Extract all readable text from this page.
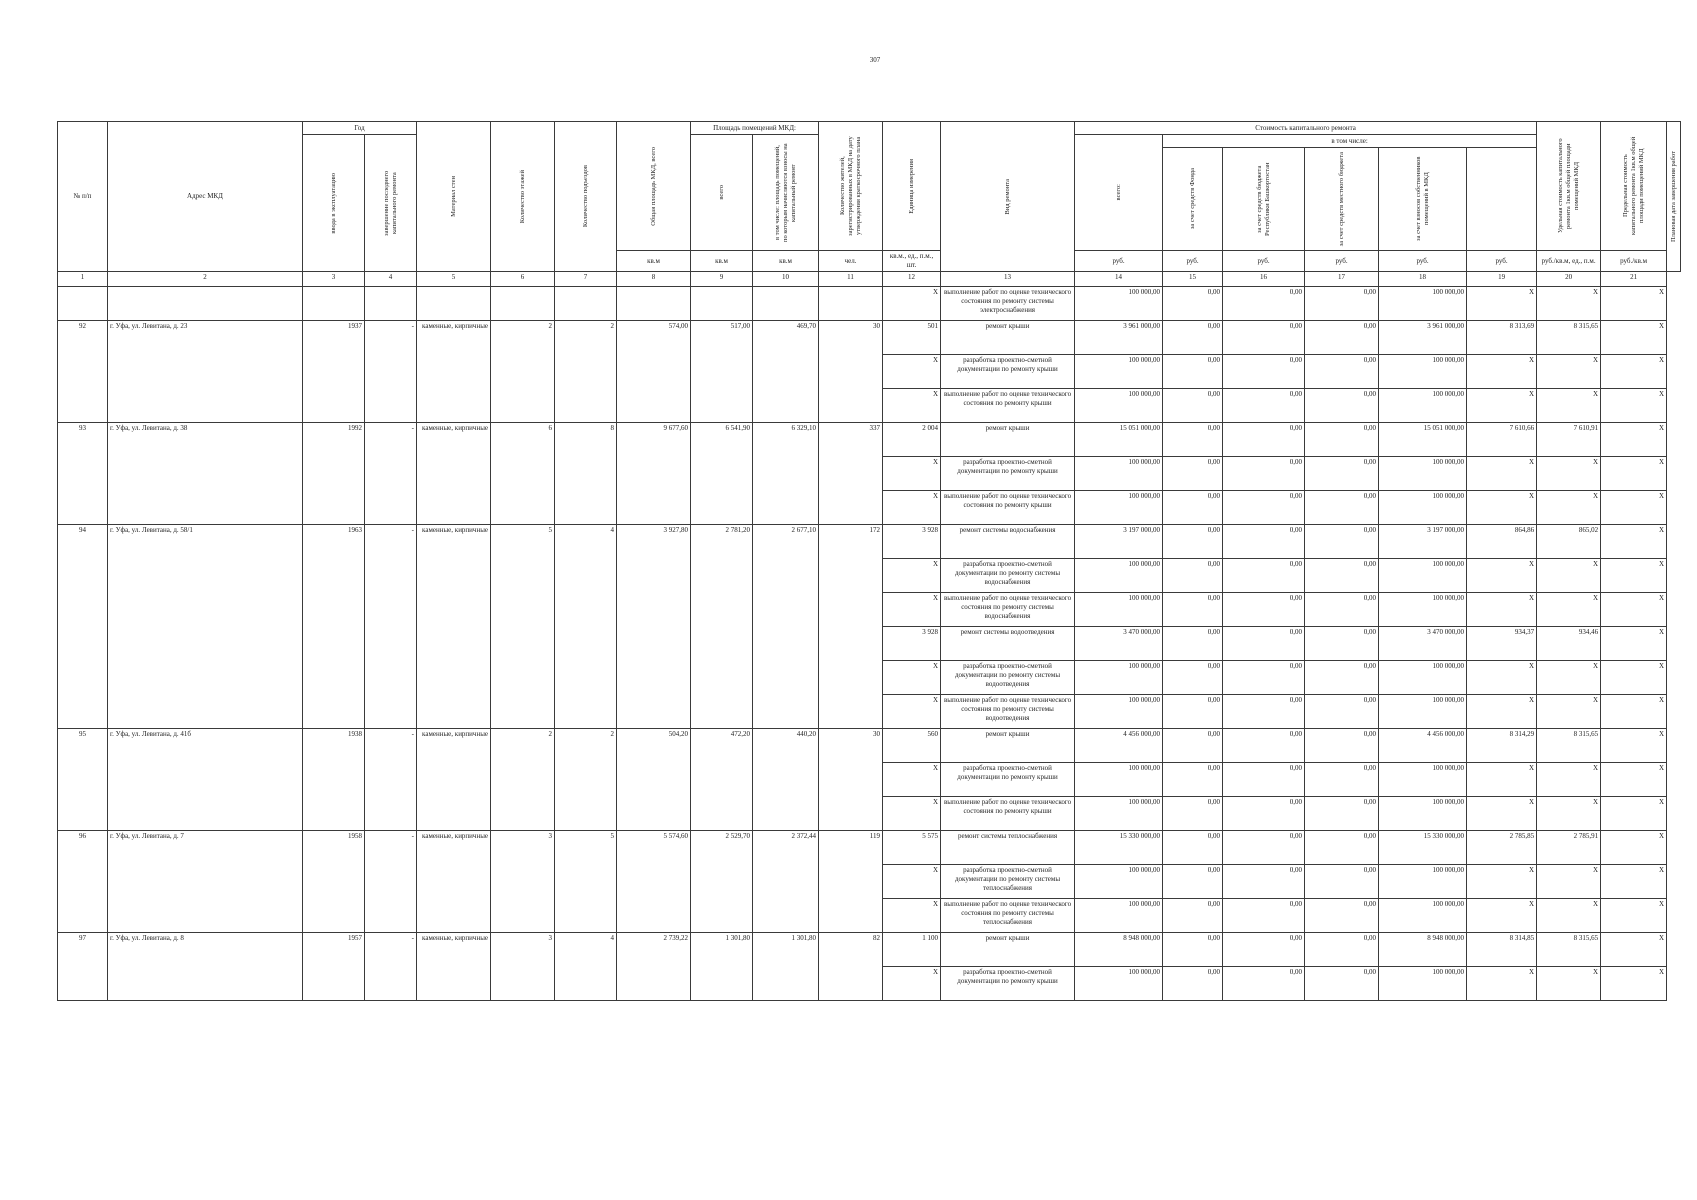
307
№ п/п	Адрес МКД	Год		Материал стен	Количество этажей	Количество подъездов	Общая площадь МКД, всего	Площадь помещений МКД:		Количество жителей, зарегистрированных в МКД на дату утверждения краткосрочного плана	Единица измерения	Вид ремонта	Стоимость капитального ремонта						Удельная стоимость капитального ремонта 1кв.м общей площади помещений МКД	Предельная стоимость капитального ремонта 1кв.м общей площади помещений МКД	Плановая дата завершения работ

		ввода в эксплуатацию	завершение последнего капитального ремонта					всего	в том числе: площадь помещений, по которым начисляются взносы на капитальный ремонт				всего:	в том числе:							

														за счет средств Фонда	за счет средств бюджета Республики Башкортостан	за счет средств местного бюджета	за счет взносов собственников помещений в МКД				

							кв.м	кв.м	кв.м	чел.	кв.м., ед., п.м., шт.		руб.	руб.	руб.	руб.	руб.	руб.	руб./кв.м, ед., п.м.	руб./кв.м	
1	2	3	4	5	6	7	8	9	10	11	12	13	14	15	16	17	18	19	20	21	
											X	выполнение работ по оценке технического состояния по ремонту системы электроснабжения	100 000,00	0,00	0,00	0,00	100 000,00	X	X	X	
92	г. Уфа, ул. Левитана, д. 23	1937	-	каменные, кирпичные	2	2	574,00	517,00	469,70	30	501	ремонт крыши	3 961 000,00	0,00	0,00	0,00	3 961 000,00	8 313,69	8 315,65	X	
											X	разработка проектно-сметной документации по ремонту крыши	100 000,00	0,00	0,00	0,00	100 000,00	X	X	X	
											X	выполнение работ по оценке технического состояния по ремонту крыши	100 000,00	0,00	0,00	0,00	100 000,00	X	X	X	
93	г. Уфа, ул. Левитана, д. 38	1992	-	каменные, кирпичные	6	8	9 677,60	6 541,90	6 329,10	337	2 004	ремонт крыши	15 051 000,00	0,00	0,00	0,00	15 051 000,00	7 610,66	7 610,91	X	
											X	разработка проектно-сметной документации по ремонту крыши	100 000,00	0,00	0,00	0,00	100 000,00	X	X	X	
											X	выполнение работ по оценке технического состояния по ремонту крыши	100 000,00	0,00	0,00	0,00	100 000,00	X	X	X	
94	г. Уфа, ул. Левитана, д. 58/1	1963	-	каменные, кирпичные	5	4	3 927,80	2 781,20	2 677,10	172	3 928	ремонт системы водоснабжения	3 197 000,00	0,00	0,00	0,00	3 197 000,00	864,86	865,02	X	
											X	разработка проектно-сметной документации по ремонту системы водоснабжения	100 000,00	0,00	0,00	0,00	100 000,00	X	X	X	
											X	выполнение работ по оценке технического состояния по ремонту системы водоснабжения	100 000,00	0,00	0,00	0,00	100 000,00	X	X	X	
											3 928	ремонт системы водоотведения	3 470 000,00	0,00	0,00	0,00	3 470 000,00	934,37	934,46	X	
											X	разработка проектно-сметной документации по ремонту системы водоотведения	100 000,00	0,00	0,00	0,00	100 000,00	X	X	X	
											X	выполнение работ по оценке технического состояния по ремонту системы водоотведения	100 000,00	0,00	0,00	0,00	100 000,00	X	X	X	
95	г. Уфа, ул. Левитана, д. 41б	1938	-	каменные, кирпичные	2	2	504,20	472,20	440,20	30	560	ремонт крыши	4 456 000,00	0,00	0,00	0,00	4 456 000,00	8 314,29	8 315,65	X	
											X	разработка проектно-сметной документации по ремонту крыши	100 000,00	0,00	0,00	0,00	100 000,00	X	X	X	
											X	выполнение работ по оценке технического состояния по ремонту крыши	100 000,00	0,00	0,00	0,00	100 000,00	X	X	X	
96	г. Уфа, ул. Левитана, д. 7	1958	-	каменные, кирпичные	3	5	5 574,60	2 529,70	2 372,44	119	5 575	ремонт системы теплоснабжения	15 330 000,00	0,00	0,00	0,00	15 330 000,00	2 785,85	2 785,91	X	
											X	разработка проектно-сметной документации по ремонту системы теплоснабжения	100 000,00	0,00	0,00	0,00	100 000,00	X	X	X	
											X	выполнение работ по оценке технического состояния по ремонту системы теплоснабжения	100 000,00	0,00	0,00	0,00	100 000,00	X	X	X	
97	г. Уфа, ул. Левитана, д. 8	1957	-	каменные, кирпичные	3	4	2 739,22	1 301,80	1 301,80	82	1 100	ремонт крыши	8 948 000,00	0,00	0,00	0,00	8 948 000,00	8 314,85	8 315,65	X	
											X	разработка проектно-сметной документации по ремонту крыши	100 000,00	0,00	0,00	0,00	100 000,00	X	X	X	
